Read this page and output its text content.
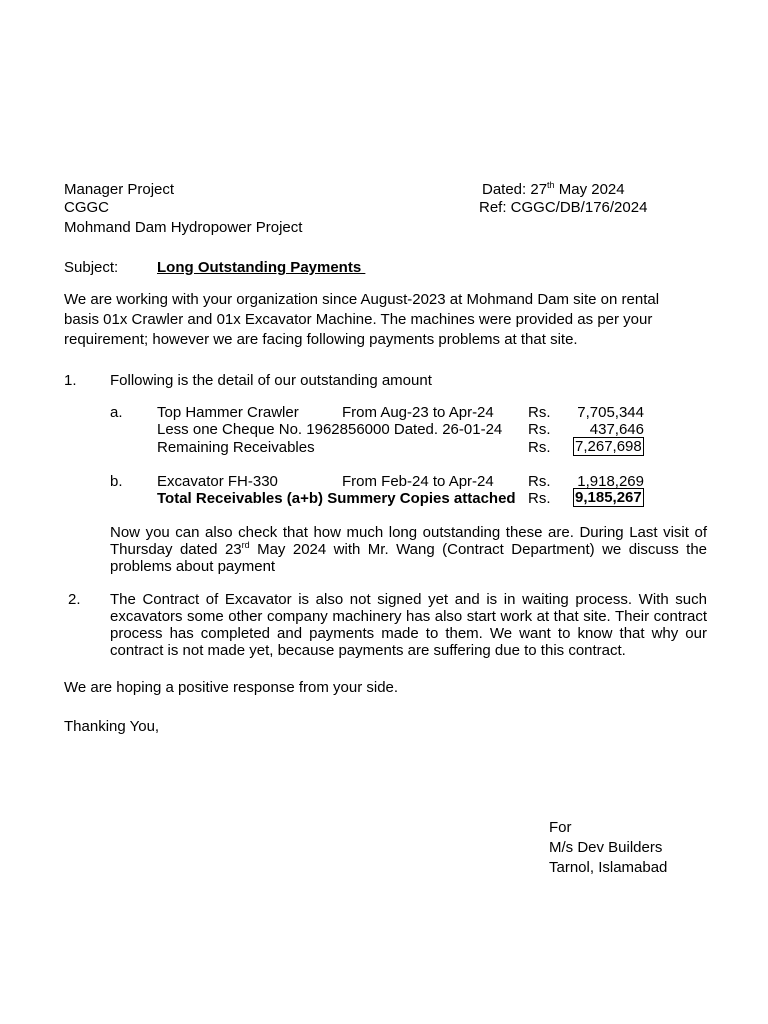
Manager Project
CGGC
Mohmand Dam Hydropower Project
Dated: 27th May 2024
Ref: CGGC/DB/176/2024
Subject:	Long Outstanding Payments
We are working with your organization since August-2023 at Mohmand Dam site on rental basis 01x Crawler and 01x Excavator Machine. The machines were provided as per your requirement; however we are facing following payments problems at that site.
1. Following is the detail of our outstanding amount
a. Top Hammer Crawler	From Aug-23 to Apr-24 Rs.	7,705,344
Less one Cheque No. 1962856000 Dated. 26-01-24 Rs.	437,646
Remaining Receivables	Rs. 7,267,698
b. Excavator FH-330	From Feb-24 to Apr-24 Rs.	1,918,269
Total Receivables (a+b) Summery Copies attached Rs. 9,185,267
Now you can also check that how much long outstanding these are. During Last visit of Thursday dated 23rd May 2024 with Mr. Wang (Contract Department) we discuss the problems about payment
2. The Contract of Excavator is also not signed yet and is in waiting process. With such excavators some other company machinery has also start work at that site. Their contract process has completed and payments made to them. We want to know that why our contract is not made yet, because payments are suffering due to this contract.
We are hoping a positive response from your side.
Thanking You,
For
M/s Dev Builders
Tarnol, Islamabad
